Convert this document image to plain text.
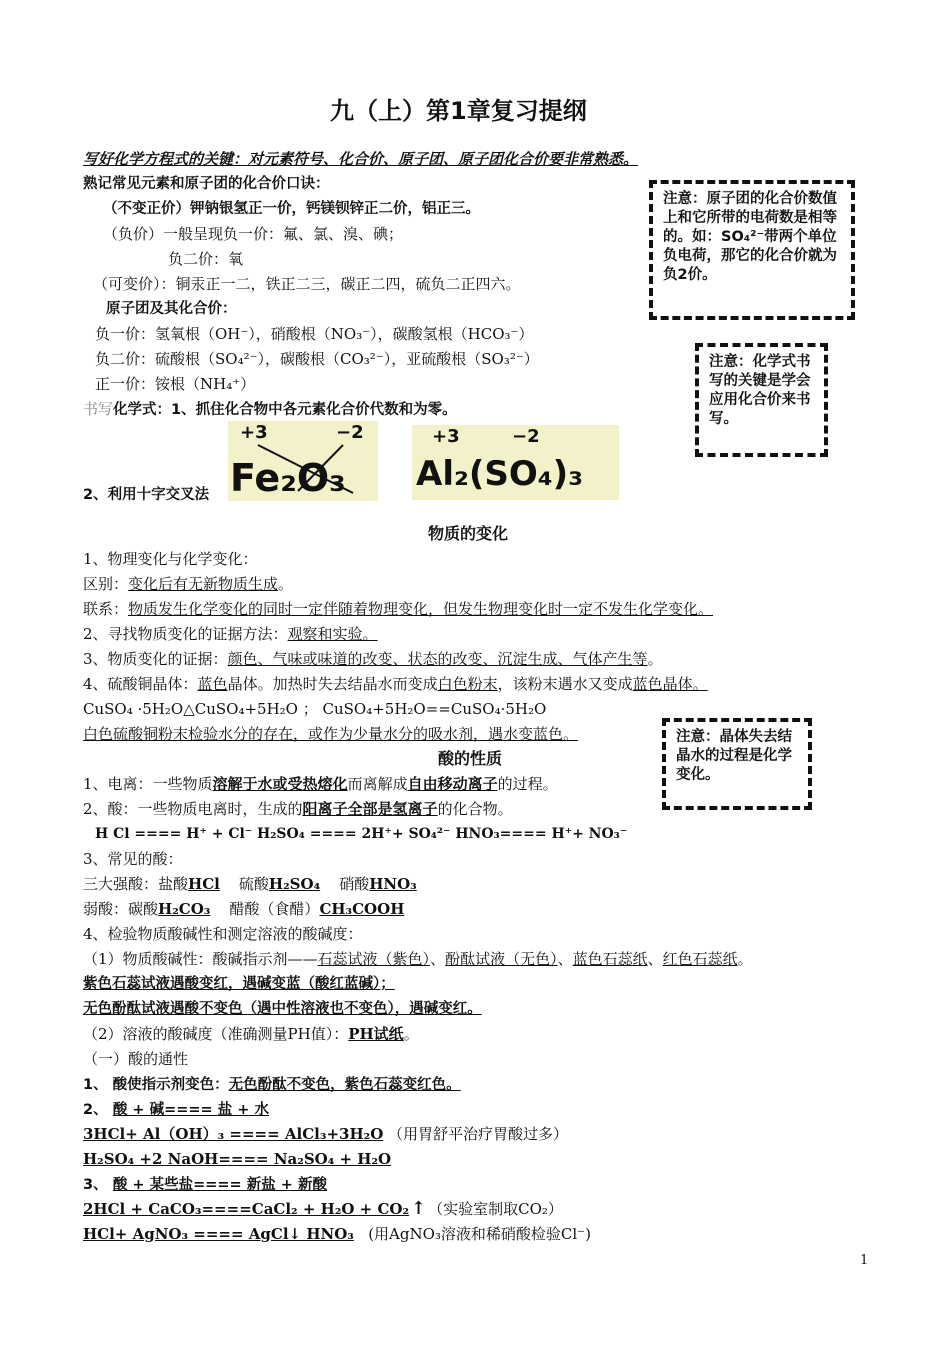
九（上）第1章复习提纲
写好化学方程式的关键：对元素符号、化合价、原子团、原子团化合价要非常熟悉。
熟记常见元素和原子团的化合价口诀：
（不变正价）钾钠银氢正一价，钙镁钡锌正二价，铝正三。
（负价）一般呈现负一价：氟、氯、溴、碘；
负二价：氧
（可变价）：铜汞正一二，铁正二三，碳正二四，硫负二正四六。
原子团及其化合价：
负一价：氢氧根（OH⁻），硝酸根（NO₃⁻），碳酸氢根（HCO₃⁻）
负二价：硫酸根（SO₄²⁻），碳酸根（CO₃²⁻），亚硫酸根（SO₃²⁻）
正一价：铵根（NH₄⁺）
书写化学式：1、抓住化合物中各元素化合价代数和为零。
+3	−2
Fe₂O₃
+3	−2
Al₂(SO₄)₃
2、利用十字交叉法
注意：原子团的化合价数值上和它所带的电荷数是相等的。如：SO₄²⁻带两个单位负电荷，那它的化合价就为负2价。
注意：化学式书写的关键是学会应用化合价来书写。
注意：晶体失去结晶水的过程是化学变化。
物质的变化
1、物理变化与化学变化：
区别：变化后有无新物质生成。
联系：物质发生化学变化的同时一定伴随着物理变化，但发生物理变化时一定不发生化学变化。
2、寻找物质变化的证据方法：观察和实验。
3、物质变化的证据：颜色、气味或味道的改变、状态的改变、沉淀生成、气体产生等。
4、硫酸铜晶体：蓝色晶体。加热时失去结晶水而变成白色粉末，该粉末遇水又变成蓝色晶体。
CuSO₄ ·5H₂O△CuSO₄+5H₂O ； CuSO₄+5H₂O==CuSO₄·5H₂O
白色硫酸铜粉末检验水分的存在，或作为少量水分的吸水剂，遇水变蓝色。
酸的性质
1、电离：一些物质溶解于水或受热熔化而离解成自由移动离子的过程。
2、酸：一些物质电离时，生成的阳离子全部是氢离子的化合物。
H Cl ==== H⁺ + Cl⁻ H₂SO₄ ==== 2H⁺+ SO₄²⁻ HNO₃==== H⁺+ NO₃⁻
3、常见的酸：
三大强酸：盐酸HCl 硫酸H₂SO₄ 硝酸HNO₃
弱酸：碳酸H₂CO₃ 醋酸（食醋）CH₃COOH
4、检验物质酸碱性和测定溶液的酸碱度：
（1）物质酸碱性：酸碱指示剂——石蕊试液（紫色）、酚酞试液（无色）、蓝色石蕊纸、红色石蕊纸。
紫色石蕊试液遇酸变红，遇碱变蓝（酸红蓝碱）；
无色酚酞试液遇酸不变色（遇中性溶液也不变色），遇碱变红。
（2）溶液的酸碱度（准确测量PH值）：PH试纸。
（一）酸的通性
1、 酸使指示剂变色：无色酚酞不变色，紫色石蕊变红色。
2、 酸 + 碱==== 盐 + 水
3HCl+ Al（OH）₃ ==== AlCl₃+3H₂O （用胃舒平治疗胃酸过多）
H₂SO₄ +2 NaOH==== Na₂SO₄ + H₂O
3、 酸 + 某些盐==== 新盐 + 新酸
2HCl + CaCO₃====CaCl₂ + H₂O + CO₂ ↑ （实验室制取CO₂）
HCl+ AgNO₃ ==== AgCl↓ HNO₃ (用AgNO₃溶液和稀硝酸检验Cl⁻)
1
